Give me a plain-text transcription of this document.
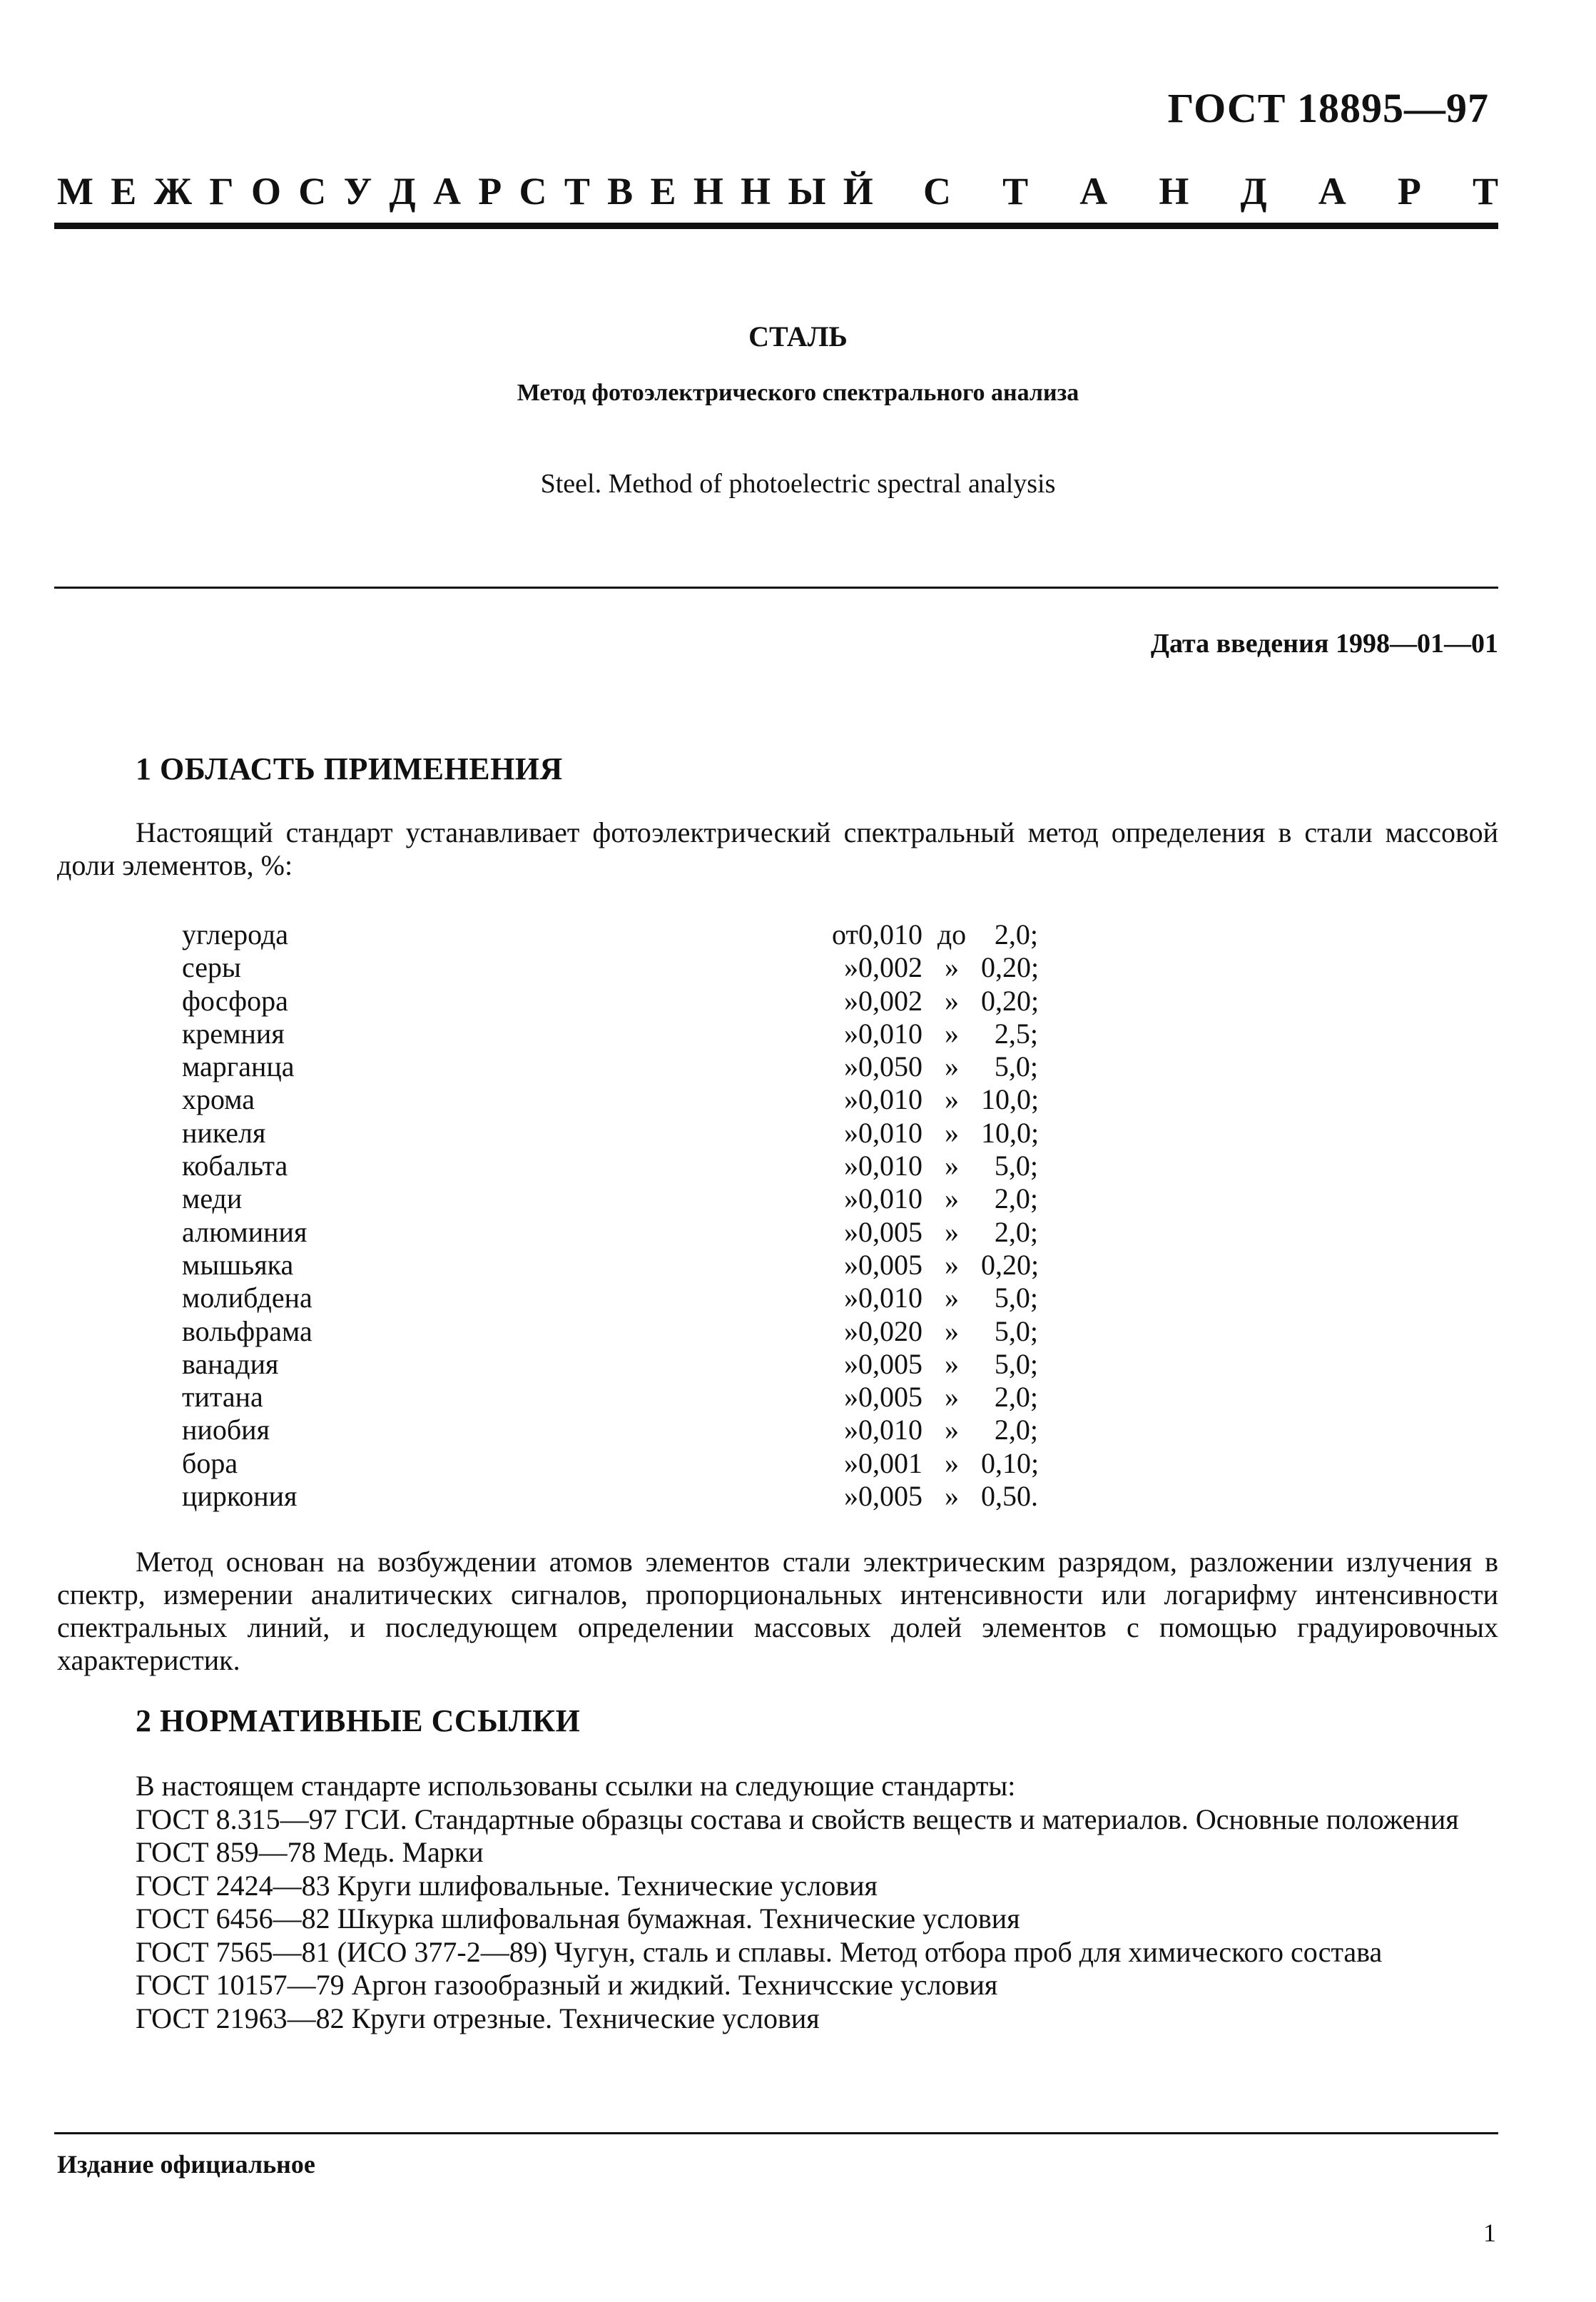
ГОСТ 18895—97
М Е Ж Г О С У Д А Р С Т В Е Н Н Ы Й С Т А Н Д А Р Т
СТАЛЬ
Метод фотоэлектрического спектрального анализа
Steel. Method of photoelectric spectral analysis
Дата введения 1998—01—01
1 ОБЛАСТЬ ПРИМЕНЕНИЯ
Настоящий стандарт устанавливает фотоэлектрический спектральный метод определения в стали массовой доли элементов, %:
углерода	от 0,010 до 2,0;
серы	» 0,002 » 0,20;
фосфора	» 0,002 » 0,20;
кремния	» 0,010 »	2,5;
марганца	» 0,050 »	5,0;
хрома	» 0,010 » 10,0;
никеля	» 0,010 » 10,0;
кобальта	» 0,010 »	5,0;
меди	» 0,010 »	2,0;
алюминия	» 0,005 »	2,0;
мышьяка	» 0,005 » 0,20;
молибдена	» 0,010 »	5,0;
вольфрама	» 0,020 »	5,0;
ванадия	» 0,005 »	5,0;
титана	» 0,005 »	2,0;
ниобия	» 0,010 »	2,0;
бора	» 0,001 » 0,10;
циркония	» 0,005 » 0,50.
Метод основан на возбуждении атомов элементов стали электрическим разрядом, разложении излучения в спектр, измерении аналитических сигналов, пропорциональных интенсивности или логарифму интенсивности спектральных линий, и последующем определении массовых долей элементов с помощью градуировочных характеристик.
2 НОРМАТИВНЫЕ ССЫЛКИ
В настоящем стандарте использованы ссылки на следующие стандарты:
ГОСТ 8.315—97 ГСИ. Стандартные образцы состава и свойств веществ и материалов. Основные положения
ГОСТ 859—78 Медь. Марки
ГОСТ 2424—83 Круги шлифовальные. Технические условия
ГОСТ 6456—82 Шкурка шлифовальная бумажная. Технические условия
ГОСТ 7565—81 (ИСО 377-2—89) Чугун, сталь и сплавы. Метод отбора проб для химического состава
ГОСТ 10157—79 Аргон газообразный и жидкий. Техничсские условия
ГОСТ 21963—82 Круги отрезные. Технические условия
Издание официальное
1
